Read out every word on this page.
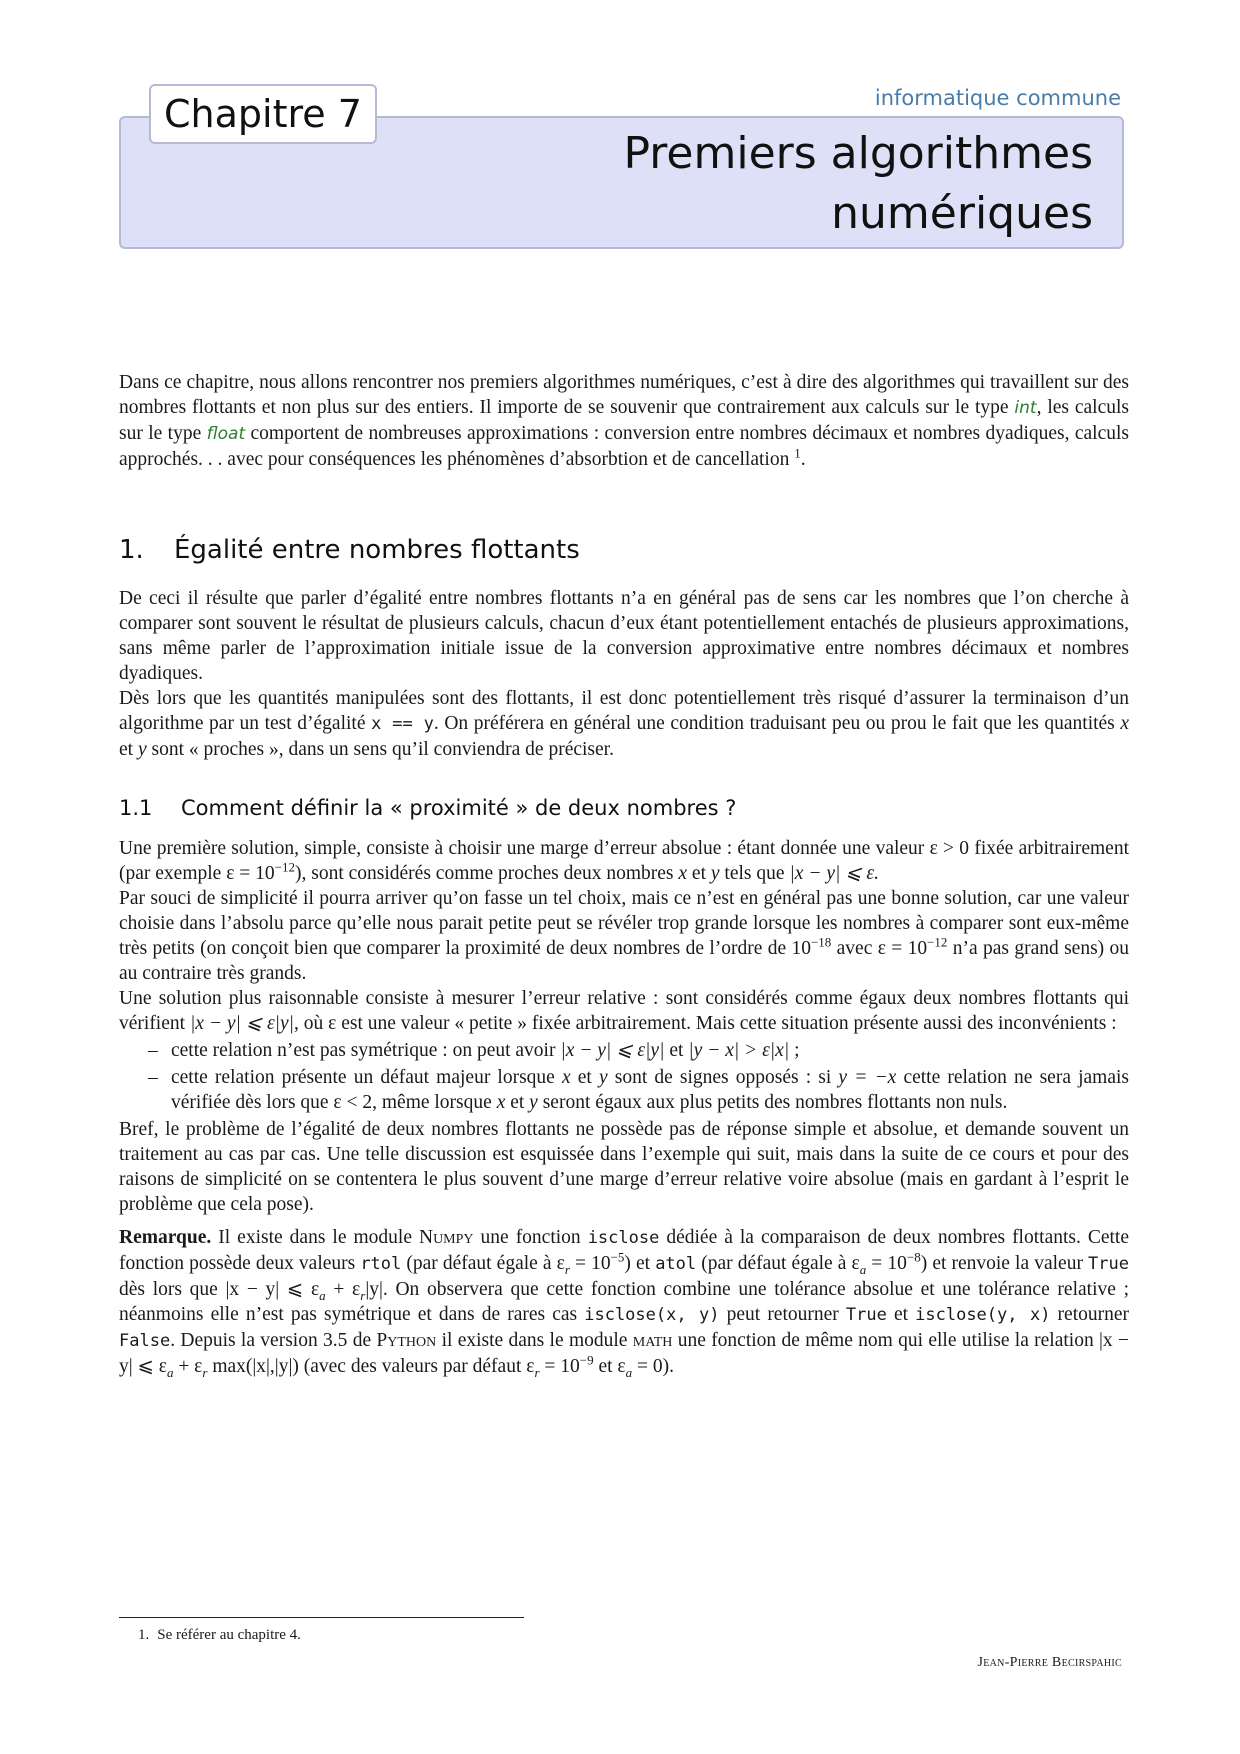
Chapitre 7	informatique commune
Premiers algorithmes
numériques

Dans ce chapitre, nous allons rencontrer nos premiers algorithmes numériques, c’est à dire des algorithmes qui travaillent sur des nombres flottants et non plus sur des entiers. Il importe de se souvenir que contrairement aux calculs sur le type int, les calculs sur le type float comportent de nombreuses approximations : conversion entre nombres décimaux et nombres dyadiques, calculs approchés. . . avec pour conséquences les phénomènes d’absorbtion et de cancellation $^1$.

1. Égalité entre nombres flottants

De ceci il résulte que parler d’égalité entre nombres flottants n’a en général pas de sens car les nombres que l’on cherche à comparer sont souvent le résultat de plusieurs calculs, chacun d’eux étant potentiellement entachés de plusieurs approximations, sans même parler de l’approximation initiale issue de la conversion approximative entre nombres décimaux et nombres dyadiques.

Dès lors que les quantités manipulées sont des flottants, il est donc potentiellement très risqué d’assurer la terminaison d’un algorithme par un test d’égalité x == y. On préférera en général une condition traduisant peu ou prou le fait que les quantités x et y sont « proches », dans un sens qu’il conviendra de préciser.

1.1 Comment définir la « proximité » de deux nombres ?

Une première solution, simple, consiste à choisir une marge d’erreur absolue : étant donnée une valeur ε > 0 fixée arbitrairement (par exemple $\varepsilon = 10^{-12}$), sont considérés comme proches deux nombres x et y tels que |x − y| ⩽ ε.

Par souci de simplicité il pourra arriver qu’on fasse un tel choix, mais ce n’est en général pas une bonne solution, car une valeur choisie dans l’absolu parce qu’elle nous parait petite peut se révéler trop grande lorsque les nombres à comparer sont eux-même très petits (on conçoit bien que comparer la proximité de deux nombres de l’ordre de $10^{-18}$ avec $\varepsilon = 10^{-12}$ n’a pas grand sens) ou au contraire très grands.

Une solution plus raisonnable consiste à mesurer l’erreur relative : sont considérés comme égaux deux nombres flottants qui vérifient |x − y| ⩽ ε|y|, où ε est une valeur « petite » fixée arbitrairement. Mais cette situation présente aussi des inconvénients :

– cette relation n’est pas symétrique : on peut avoir |x − y| ⩽ ε|y| et |y − x| > ε|x| ;
– cette relation présente un défaut majeur lorsque x et y sont de signes opposés : si y = −x cette relation ne sera jamais vérifiée dès lors que ε < 2, même lorsque x et y seront égaux aux plus petits des nombres flottants non nuls.

Bref, le problème de l’égalité de deux nombres flottants ne possède pas de réponse simple et absolue, et demande souvent un traitement au cas par cas. Une telle discussion est esquissée dans l’exemple qui suit, mais dans la suite de ce cours et pour des raisons de simplicité on se contentera le plus souvent d’une marge d’erreur relative voire absolue (mais en gardant à l’esprit le problème que cela pose).

Remarque. Il existe dans le module Numpy une fonction isclose dédiée à la comparaison de deux nombres flottants. Cette fonction possède deux valeurs rtol (par défaut égale à $\varepsilon_r = 10^{-5}$) et atol (par défaut égale à $\varepsilon_a = 10^{-8}$) et renvoie la valeur True dès lors que |x − y| ⩽ $\varepsilon_a + \varepsilon_r|y|$. On observera que cette fonction combine une tolérance absolue et une tolérance relative ; néanmoins elle n’est pas symétrique et dans de rares cas isclose(x, y) peut retourner True et isclose(y, x) retourner False. Depuis la version 3.5 de Python il existe dans le module math une fonction de même nom qui elle utilise la relation |x − y| ⩽ $\varepsilon_a + \varepsilon_r$ max(|x|,|y|) (avec des valeurs par défaut $\varepsilon_r = 10^{-9}$ et $\varepsilon_a = 0$).

1. Se référer au chapitre 4.
Jean-Pierre Becirspahic
